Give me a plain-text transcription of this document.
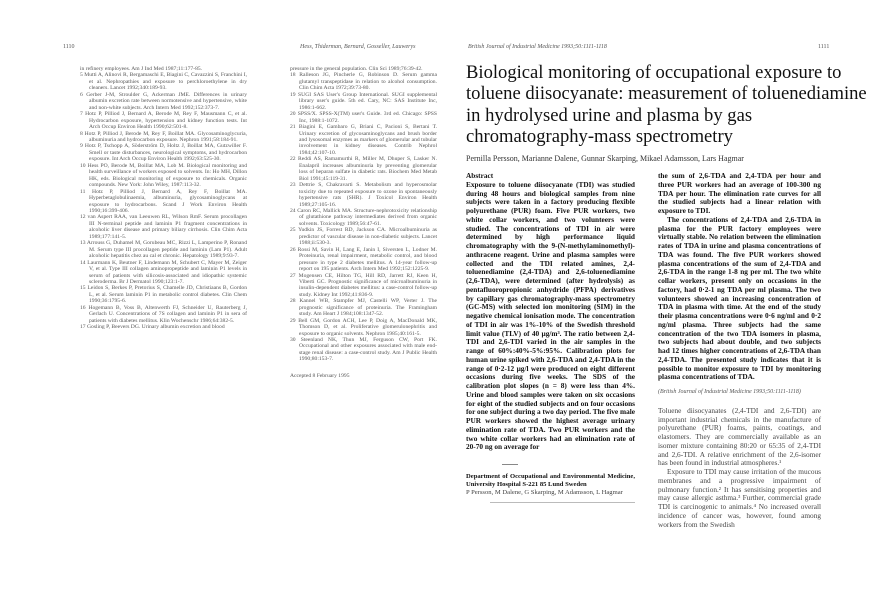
1110	Hess, Thiderman, Bernard, Gosseller, Lauwerys

in refinery employees. Am J Ind Med 1987;11:177-85.

5 Mutti A, Alinovi R, Bergamaschi E, Biagini C, Cavazzini S, Franchini I, et al. Nephropathies and exposure to perchloroethylene in dry cleaners. Lancet 1992;340:189-93.

6 Gerber J-M, Stroulder G, Ackerman JME. Differences in urinary albumin excretion rate between normotensive and hypertensive, white and non-white subjects. Arch Intern Med 1992;152:373-7.

7 Hotz P, Pilliod J, Bernard A, Berode M, Rey F, Mausmann C, et al. Hydrocarbon exposure, hypertension and kidney function tests. Int Arch Occup Environ Health 1990;62:501-8.

8 Hotz P, Pilliod J, Berode M, Rey F, Boillat MA. Glycosaminoglycuria, albuminuria and hydrocarbon exposure. Nephron 1991;58:184-91.

9 Hotz P, Tschopp A, Söderström D, Holtz J, Boillat MA, Gutzwiller F. Smell or taste disturbances, neurological symptoms, and hydrocarbon exposure. Int Arch Occup Environ Health 1992;63:525-30.

10 Hess PO, Berode M, Boillat MA, Lob M. Biological monitoring and health surveillance of workers exposed to solvents. In: Ho MH, Dillon HK, eds. Biological monitoring of exposure to chemicals. Organic compounds. New York: John Wiley, 1987:113-32.

11 Hotz P, Pilliod J, Bernard A, Rey F, Boillat MA. Hyperbetaglobulinaemia, albuminuria, glycosaminoglycans at exposure to hydrocarbons. Scand J Work Environ Health 1990;16:399-406.

12 van Aspert RAA, van Leeuwen RL, Wilson RmF. Serum procollagen III N-terminal peptide and laminin P1 fragment concentrations in alcoholic liver disease and primary biliary cirrhosis. Clin Chim Acta 1989;177:141-5.

13 Arrouss G, Duhamel M, Gorubeau MC, Rizzi L, Lamperino P, Ronand M. Serum type III procollagen peptide and laminin (Lam P1). Adult alcoholic hepatitis chez au cal et chronic. Hepatology 1989;9:93-7.

14 Laurmann K, Beutner F, Lindemann M, Schubert C, Mayer M, Zeiger V, et al. Type III collagen aminopropeptide and laminin P1 levels in serum of patients with silicosis-associated and idiopathic systemic scleroderma. Br J Dermatol 1990;123:1-7.

15 Leidon S, Berkes P, Pretorius S, Chamelle JD, Christiaans B, Gordon L, et al. Serum laminin P1 in metabolic control diabetes. Clin Chem 1990;36:1795-6.

16 Hogemann B, Voss B, Altenwerth FJ, Schneider U, Rauterberg J, Gerlach U. Concentrations of 7S collagen and laminin P1 in sera of patients with diabetes mellitus. Klin Wochenschr 1986;64:382-5.

17 Gosling P, Beevers DG. Urinary albumin excretion and blood

pressure in the general population. Clin Sci 1989;76:39-42.

18 Ralleson JG, Pincherle G, Robinson D. Serum gamma glutamyl transpeptidase in relation to alcohol consumption. Clin Chim Acta 1972;39:73-80.

19 SUGI SAS User's Group International. SUGI supplemental library user's guide. 5th ed. Cary, NC: SAS Institute Inc, 1986:1-662.

20 SPSS/X. SPSS-X(TM) user's Guide. 3rd ed. Chicago: SPSS Inc, 1988:1-1072.

21 Biagini E, Gambaro G, Briani C, Pacioni S, Bertani T. Urinary excretion of glycosaminoglycans and brush border and lysosomal enzymes as markers of glomerular and tubular involvement in kidney diseases. Contrib Nephrol 1984;42:107-10.

22 Reddi AS, Ramamurthi R, Miller M, Dhuper S, Lasker N. Enalapril increases albuminuria by preventing glomerular loss of heparan sulfate in diabetic rats. Biochem Med Metab Biol 1991;45:119-31.

23 Dettrie S, Chakravarti S. Metabolism and hyperosmolar toxicity due to repeated exposure to ozone in spontaneously hypertensive rats (SHR). J Toxicol Environ Health 1989;27:105-16.

24 Caron RC, Mallick MA. Structure-nephrotoxicity relationship of glutathione pathway intermediates derived from organic solvents. Toxicology 1989;56:47-61.

25 Yudkin JS, Forrest RD, Jackson CA. Microalbuminuria as predictor of vascular disease in non-diabetic subjects. Lancet 1988;ii:530-3.

26 Rossi M, Savin H, Lang E, Janin I, Siversten L, Lodner M. Proteinuria, renal impairment, metabolic control, and blood pressure in type 2 diabetes mellitus. A 14-year follow-up report on 195 patients. Arch Intern Med 1992;152:1225-9.

27 Mogensen CE, Hilton TG, Hill RD, Jarrett RJ, Keen H, Viberti GC. Prognostic significance of microalbuminuria in insulin-dependent diabetes mellitus: a case-control follow-up study. Kidney Int 1992;41:836-9.

28 Kannel WB, Stampfer MJ, Castelli WP, Verter J. The prognostic significance of proteinuria. The Framingham study. Am Heart J 1984;108:1347-52.

29 Bell GM, Gordon ACH, Lee P, Doig A, MacDonald MK, Thomson D, et al. Proliferative glomerulonephritis and exposure to organic solvents. Nephron 1985;40:161-5.

30 Steenland NK, Thun MJ, Ferguson CW, Port FK. Occupational and other exposures associated with male end-stage renal disease: a case-control study. Am J Public Health 1990;80:153-7.

Accepted 8 February 1995
British Journal of Industrial Medicine 1993;50:1111-1118	1111
Biological monitoring of occupational exposure to toluene diisocyanate: measurement of toluenediamine in hydrolysed urine and plasma by gas chromatography-mass spectrometry
Pernilla Persson, Marianne Dalene, Gunnar Skarping, Mikael Adamsson, Lars Hagmar

Abstract

Exposure to toluene diisocyanate (TDI) was studied during 48 hours and biological samples from nine subjects were taken in a factory producing flexible polyurethane (PUR) foam. Five PUR workers, two white collar workers, and two volunteers were studied. The concentrations of TDI in air were determined by high performance liquid chromatography with the 9-(N-methylaminomethyl)-anthracene reagent. Urine and plasma samples were collected and the TDI related amines, 2,4-toluenediamine (2,4-TDA) and 2,6-toluenediamine (2,6-TDA), were determined (after hydrolysis) as pentafluoropropionic anhydride (PFPA) derivatives by capillary gas chromatography-mass spectrometry (GC-MS) with selected ion monitoring (SIM) in the negative chemical ionisation mode. The concentration of TDI in air was 1%-10% of the Swedish threshold limit value (TLV) of 40 µg/m³. The ratio between 2,4-TDI and 2,6-TDI varied in the air samples in the range of 60%:40%-5%:95%. Calibration plots for human urine spiked with 2,6-TDA and 2,4-TDA in the range of 0·2-12 µg/l were produced on eight different occasions during five weeks. The SDS of the calibration plot slopes (n = 8) were less than 4%. Urine and blood samples were taken on six occasions for eight of the studied subjects and on four occasions for one subject during a two day period. The five male PUR workers showed the highest average urinary elimination rate of TDA. Two PUR workers and the two white collar workers had an elimination rate of 20-70 ng on average for

Department of Occupational and Environmental Medicine, University Hospital S-221 85 Lund Sweden

P Persson, M Dalene, G Skarping, M Adamsson, L Hagmar

the sum of 2,6-TDA and 2,4-TDA per hour and three PUR workers had an average of 100-300 ng TDA per hour. The elimination rate curves for all the studied subjects had a linear relation with exposure to TDI.

The concentrations of 2,4-TDA and 2,6-TDA in plasma for the PUR factory employees were virtually stable. No relation between the elimination rates of TDA in urine and plasma concentrations of TDA was found. The five PUR workers showed plasma concentrations of the sum of 2,4-TDA and 2,6-TDA in the range 1-8 ng per ml. The two white collar workers, present only on occasions in the factory, had 0·2-1 ng TDA per ml plasma. The two volunteers showed an increasing concentration of TDA in plasma with time. At the end of the study their plasma concentrations were 0·6 ng/ml and 0·2 ng/ml plasma. Three subjects had the same concentration of the two TDA isomers in plasma, two subjects had about double, and two subjects had 12 times higher concentrations of 2,6-TDA than 2,4-TDA. The presented study indicates that it is possible to monitor exposure to TDI by monitoring plasma concentrations of TDA.

(British Journal of Industrial Medicine 1993;50:1111-1118)

Toluene diisocyanates (2,4-TDI and 2,6-TDI) are important industrial chemicals in the manufacture of polyurethane (PUR) foams, paints, coatings, and elastomers. They are commercially available as an isomer mixture containing 80:20 or 65:35 of 2,4-TDI and 2,6-TDI. A relative enrichment of the 2,6-isomer has been found in industrial atmospheres.¹

Exposure to TDI may cause irritation of the mucous membranes and a progressive impairment of pulmonary function.² It has sensitising properties and may cause allergic asthma.³ Further, commercial grade TDI is carcinogenic to animals.⁴ No increased overall incidence of cancer was, however, found among workers from the Swedish
